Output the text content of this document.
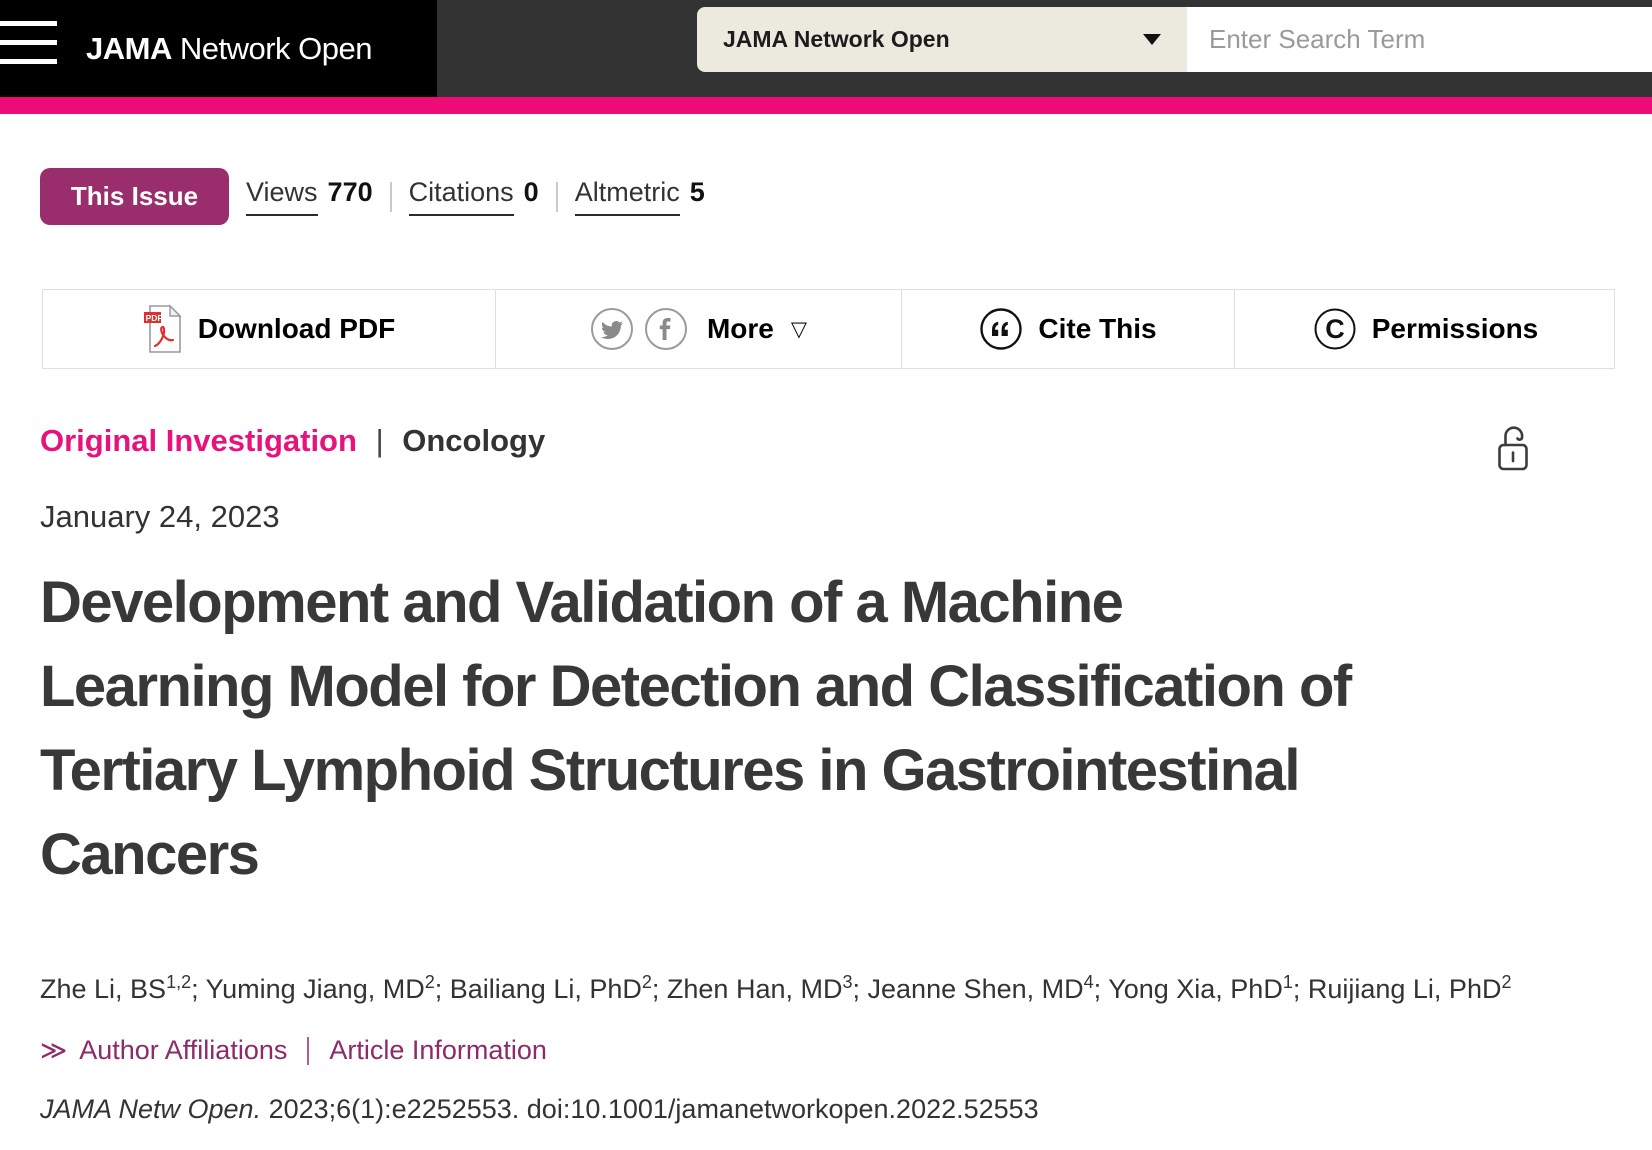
JAMA Network Open	JAMA Network Open
Enter Search Term
This Issue Views 770 Citations 0 Altmetric 5
PDF Download PDF	More ▽	Cite This	C Permissions
Original Investigation | Oncology
January 24, 2023
Development and Validation of a Machine
Learning Model for Detection and Classification of
Tertiary Lymphoid Structures in Gastrointestinal
Cancers
Zhe Li, BS$^{1,2}$; Yuming Jiang, $MD^2$; Bailiang Li, PhD$^2$; Zhen Han, $MD^3$; Jeanne Shen, $MD^4$; Yong Xia, PhD$^1$; Ruijiang Li, PhD$^2$
≫ Author Affiliations Article Information
JAMA Netw Open. 2023;6(1):e2252553. doi:10.1001/jamanetworkopen.2022.52553
